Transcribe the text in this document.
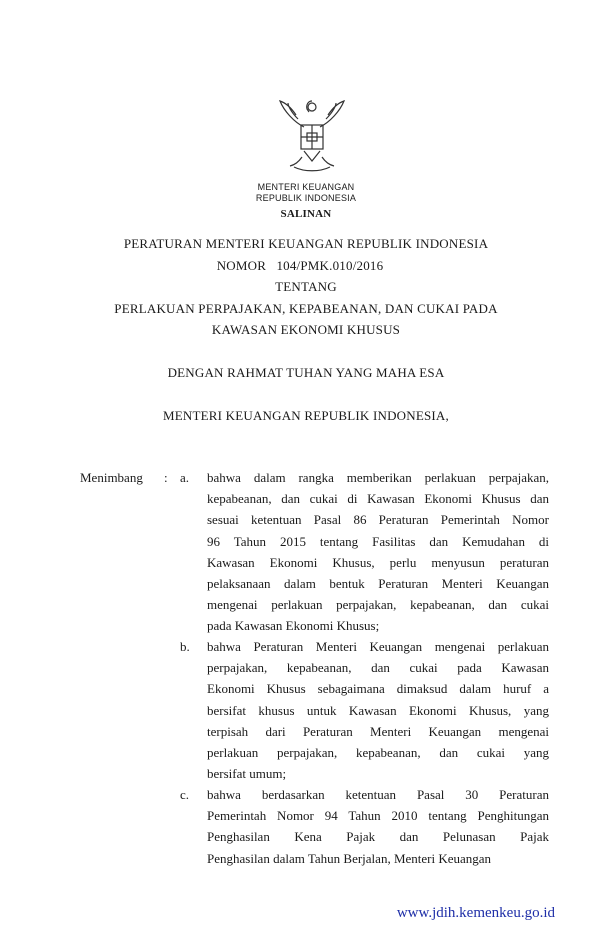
MENTERI KEUANGAN
REPUBLIK INDONESIA
SALINAN
PERATURAN MENTERI KEUANGAN REPUBLIK INDONESIA
NOMOR 104/PMK.010/2016
TENTANG
PERLAKUAN PERPAJAKAN, KEPABEANAN, DAN CUKAI PADA
KAWASAN EKONOMI KHUSUS
DENGAN RAHMAT TUHAN YANG MAHA ESA
MENTERI KEUANGAN REPUBLIK INDONESIA,
Menimbang : a. bahwa dalam rangka memberikan perlakuan perpajakan,
kepabeanan, dan cukai di Kawasan Ekonomi Khusus dan
sesuai ketentuan Pasal 86 Peraturan Pemerintah Nomor
96 Tahun 2015 tentang Fasilitas dan Kemudahan di
Kawasan Ekonomi Khusus, perlu menyusun peraturan
pelaksanaan dalam bentuk Peraturan Menteri Keuangan
mengenai perlakuan perpajakan, kepabeanan, dan cukai
pada Kawasan Ekonomi Khusus;
b. bahwa Peraturan Menteri Keuangan mengenai perlakuan
perpajakan, kepabeanan, dan cukai pada Kawasan
Ekonomi Khusus sebagaimana dimaksud dalam huruf a
bersifat khusus untuk Kawasan Ekonomi Khusus, yang
terpisah dari Peraturan Menteri Keuangan mengenai
perlakuan perpajakan, kepabeanan, dan cukai yang
bersifat umum;
c. bahwa berdasarkan ketentuan Pasal 30 Peraturan
Pemerintah Nomor 94 Tahun 2010 tentang Penghitungan
Penghasilan Kena Pajak dan Pelunasan Pajak
Penghasilan dalam Tahun Berjalan, Menteri Keuangan
www.jdih.kemenkeu.go.id
